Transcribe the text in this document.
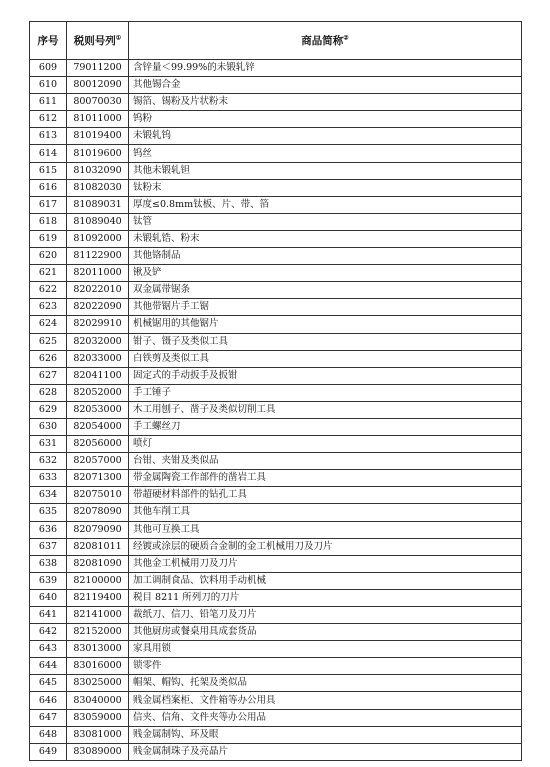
序号	税则号列①	商品简称②
609	79011200	含锌量＜99.99%的未锻轧锌
610	80012090	其他锡合金
611	80070030	锡箔、锡粉及片状粉末
612	81011000	钨粉
613	81019400	未锻轧钨
614	81019600	钨丝
615	81032090	其他未锻轧钽
616	81082030	钛粉末
617	81089031	厚度≤0.8mm钛板、片、带、箔
618	81089040	钛管
619	81092000	未锻轧锆、粉末
620	81122900	其他铬制品
621	82011000	锹及铲
622	82022010	双金属带锯条
623	82022090	其他带锯片手工锯
624	82029910	机械锯用的其他锯片
625	82032000	钳子、镊子及类似工具
626	82033000	白铁剪及类似工具
627	82041100	固定式的手动扳手及扳钳
628	82052000	手工锤子
629	82053000	木工用刨子、凿子及类似切削工具
630	82054000	手工螺丝刀
631	82056000	喷灯
632	82057000	台钳、夹钳及类似品
633	82071300	带金属陶瓷工作部件的凿岩工具
634	82075010	带超硬材料部件的钻孔工具
635	82078090	其他车削工具
636	82079090	其他可互换工具
637	82081011	经镀或涂层的硬质合金制的金工机械用刀及刀片
638	82081090	其他金工机械用刀及刀片
639	82100000	加工调制食品、饮料用手动机械
640	82119400	税目 8211 所列刀的刀片
641	82141000	裁纸刀、信刀、铅笔刀及刀片
642	82152000	其他厨房或餐桌用具成套货品
643	83013000	家具用锁
644	83016000	锁零件
645	83025000	帽架、帽钩、托架及类似品
646	83040000	贱金属档案柜、文件箱等办公用具
647	83059000	信夹、信角、文件夹等办公用品
648	83081000	贱金属制钩、环及眼
649	83089000	贱金属制珠子及亮晶片
